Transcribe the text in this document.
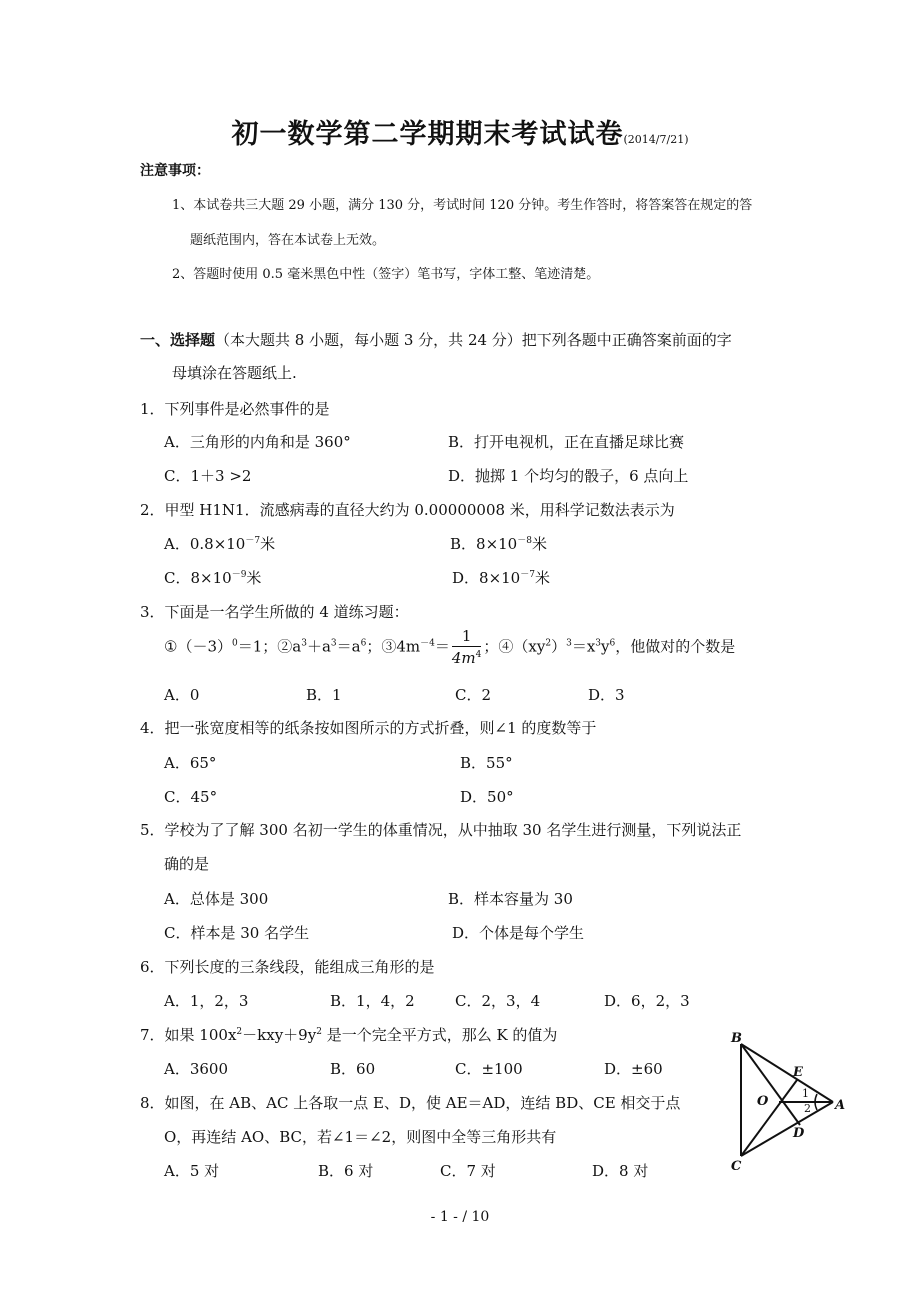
初一数学第二学期期末考试试卷(2014/7/21)
注意事项：
1、本试卷共三大题 29 小题，满分 130 分，考试时间 120 分钟。考生作答时，将答案答在规定的答
题纸范围内，答在本试卷上无效。
2、答题时使用 0.5 毫米黑色中性（签字）笔书写，字体工整、笔迹清楚。
一、选择题（本大题共 8 小题，每小题 3 分，共 24 分）把下列各题中正确答案前面的字
母填涂在答题纸上.
1．下列事件是必然事件的是
A．三角形的内角和是 360°	B．打开电视机，正在直播足球比赛
C．1＋3 >2	D．抛掷 1 个均匀的骰子，6 点向上
2．甲型 H1N1．流感病毒的直径大约为 0.00000008 米，用科学记数法表示为
A．$0.8\times 10^{-7}$米	B．$8\times 10^{-8}$米
C．$8\times 10^{-9}$米	D．$8\times 10^{-7}$米
3．下面是一名学生所做的 4 道练习题：
$①(-3)^0=1$；$②a^3+a^3=a^6$；$③4m^{-4}= \frac{1}{4m^4}$ ；$④(xy^2)^3=x^3y^6$，他做对的个数是
A．0	B．1	C．2	D．3
4．把一张宽度相等的纸条按如图所示的方式折叠，则∠1 的度数等于
A．65°	B．55°
C．45°	D．50°
5．学校为了了解 300 名初一学生的体重情况，从中抽取 30 名学生进行测量，下列说法正
确的是
A．总体是 300	B．样本容量为 30
C．样本是 30 名学生	D．个体是每个学生
6．下列长度的三条线段，能组成三角形的是
A．1，2，3	B．1，4，2	C．2，3，4	D．6，2，3
7．如果 $100x^2-kxy+9y^2$ 是一个完全平方式，那么 K 的值为
A．3600	B．60	C．±100	D．±60
8．如图，在 AB、AC 上各取一点 E、D，使 AE＝AD，连结 BD、CE 相交于点
O，再连结 AO、BC，若∠1＝∠2，则图中全等三角形共有
A．5 对	B．6 对	C．7 对	D．8 对
B
E
O	A
D
C
1
2
- 1 - / 10
